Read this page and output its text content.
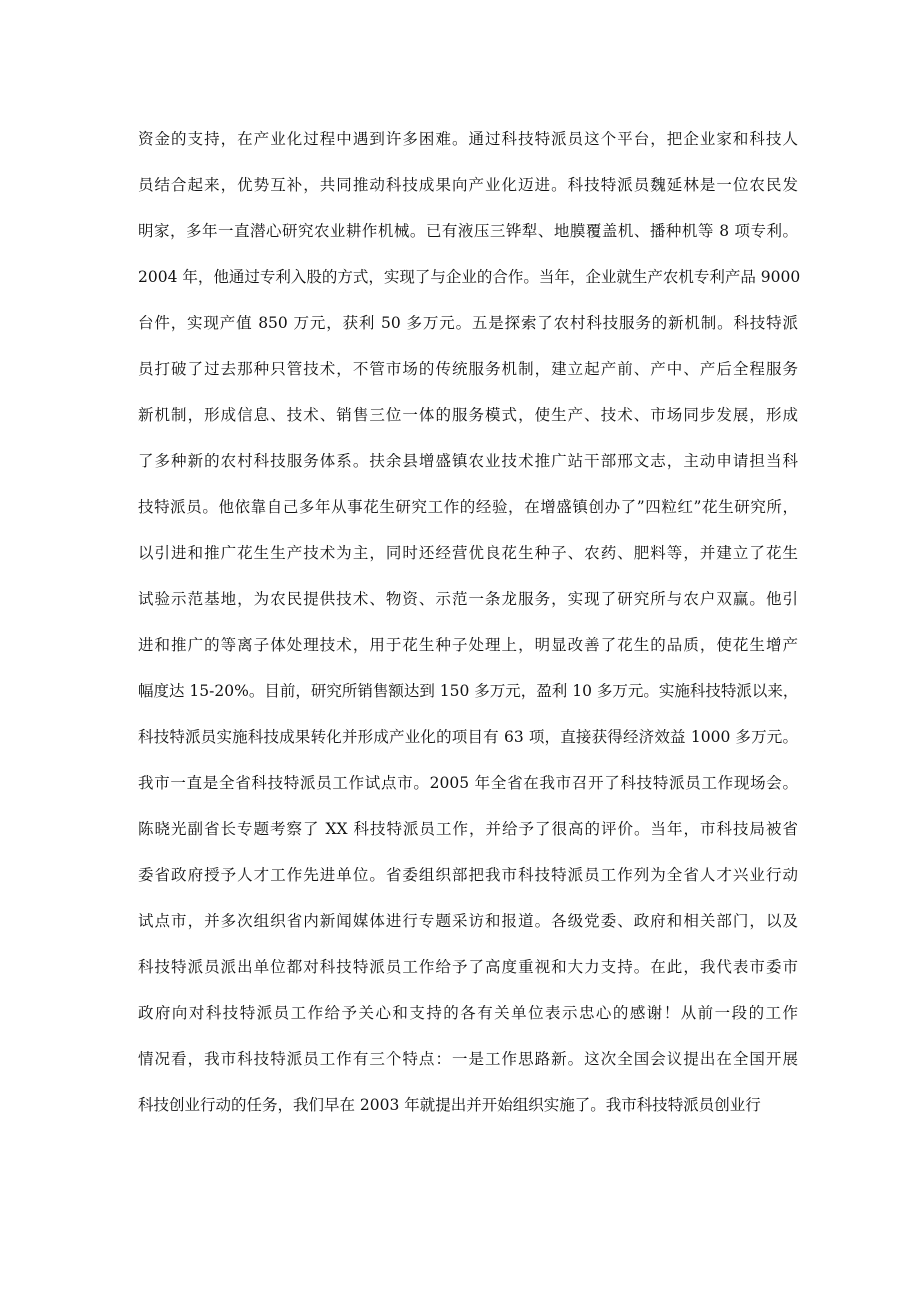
资金的支持，在产业化过程中遇到许多困难。通过科技特派员这个平台，把企业家和科技人
员结合起来，优势互补，共同推动科技成果向产业化迈进。科技特派员魏延林是一位农民发
明家，多年一直潜心研究农业耕作机械。已有液压三铧犁、地膜覆盖机、播种机等 8 项专利。
2004 年，他通过专利入股的方式，实现了与企业的合作。当年，企业就生产农机专利产品 9000
台件，实现产值 850 万元，获利 50 多万元。五是探索了农村科技服务的新机制。科技特派
员打破了过去那种只管技术，不管市场的传统服务机制，建立起产前、产中、产后全程服务
新机制，形成信息、技术、销售三位一体的服务模式，使生产、技术、市场同步发展，形成
了多种新的农村科技服务体系。扶余县增盛镇农业技术推广站干部邢文志，主动申请担当科
技特派员。他依靠自己多年从事花生研究工作的经验，在增盛镇创办了”四粒红”花生研究所，
以引进和推广花生生产技术为主，同时还经营优良花生种子、农药、肥料等，并建立了花生
试验示范基地，为农民提供技术、物资、示范一条龙服务，实现了研究所与农户双赢。他引
进和推广的等离子体处理技术，用于花生种子处理上，明显改善了花生的品质，使花生增产
幅度达 15-20%。目前，研究所销售额达到 150 多万元，盈利 10 多万元。实施科技特派以来，
科技特派员实施科技成果转化并形成产业化的项目有 63 项，直接获得经济效益 1000 多万元。
我市一直是全省科技特派员工作试点市。2005 年全省在我市召开了科技特派员工作现场会。
陈晓光副省长专题考察了 XX 科技特派员工作，并给予了很高的评价。当年，市科技局被省
委省政府授予人才工作先进单位。省委组织部把我市科技特派员工作列为全省人才兴业行动
试点市，并多次组织省内新闻媒体进行专题采访和报道。各级党委、政府和相关部门，以及
科技特派员派出单位都对科技特派员工作给予了高度重视和大力支持。在此，我代表市委市
政府向对科技特派员工作给予关心和支持的各有关单位表示忠心的感谢！从前一段的工作
情况看，我市科技特派员工作有三个特点：一是工作思路新。这次全国会议提出在全国开展
科技创业行动的任务，我们早在 2003 年就提出并开始组织实施了。我市科技特派员创业行
